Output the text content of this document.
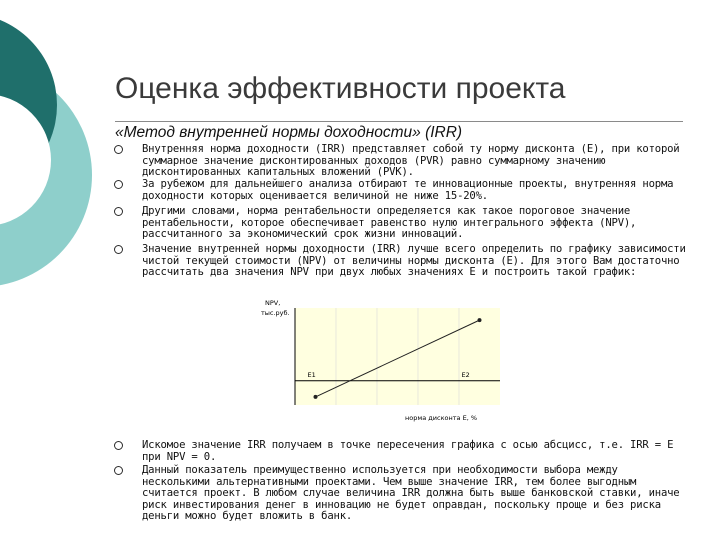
Оценка эффективности проекта
«Метод внутренней нормы доходности» (IRR)
Внутренняя норма доходности (IRR) представляет собой ту норму дисконта (Е), при которой суммарное значение дисконтированных доходов (PVR) равно суммарному значению дисконтированных капитальных вложений (PVK).
За рубежом для дальнейшего анализа отбирают те инновационные проекты, внутренняя норма доходности которых оценивается величиной не ниже 15-20%.
Другими словами, норма рентабельности определяется как такое пороговое значение рентабельности, которое обеспечивает равенство нулю интегрального эффекта (NPV), рассчитанного за экономический срок жизни инноваций.
Значение внутренней нормы доходности (IRR) лучше всего определить по графику зависимости чистой текущей стоимости (NPV) от величины нормы дисконта (Е). Для этого Вам достаточно рассчитать два значения NPV при двух любых значениях Е и построить такой график:
Искомое значение IRR получаем в точке пересечения графика с осью абсцисс, т.е. IRR = E при NPV = 0.
Данный показатель преимущественно используется при необходимости выбора между несколькими альтернативными проектами. Чем выше значение IRR, тем более выгодным считается проект. В любом случае величина IRR должна быть выше банковской ставки, иначе риск инвестирования денег в инновацию не будет оправдан, поскольку проще и без риска деньги можно будет вложить в банк.
NPV,
тыс.руб.
Е1	Е2
норма дисконта Е, %
